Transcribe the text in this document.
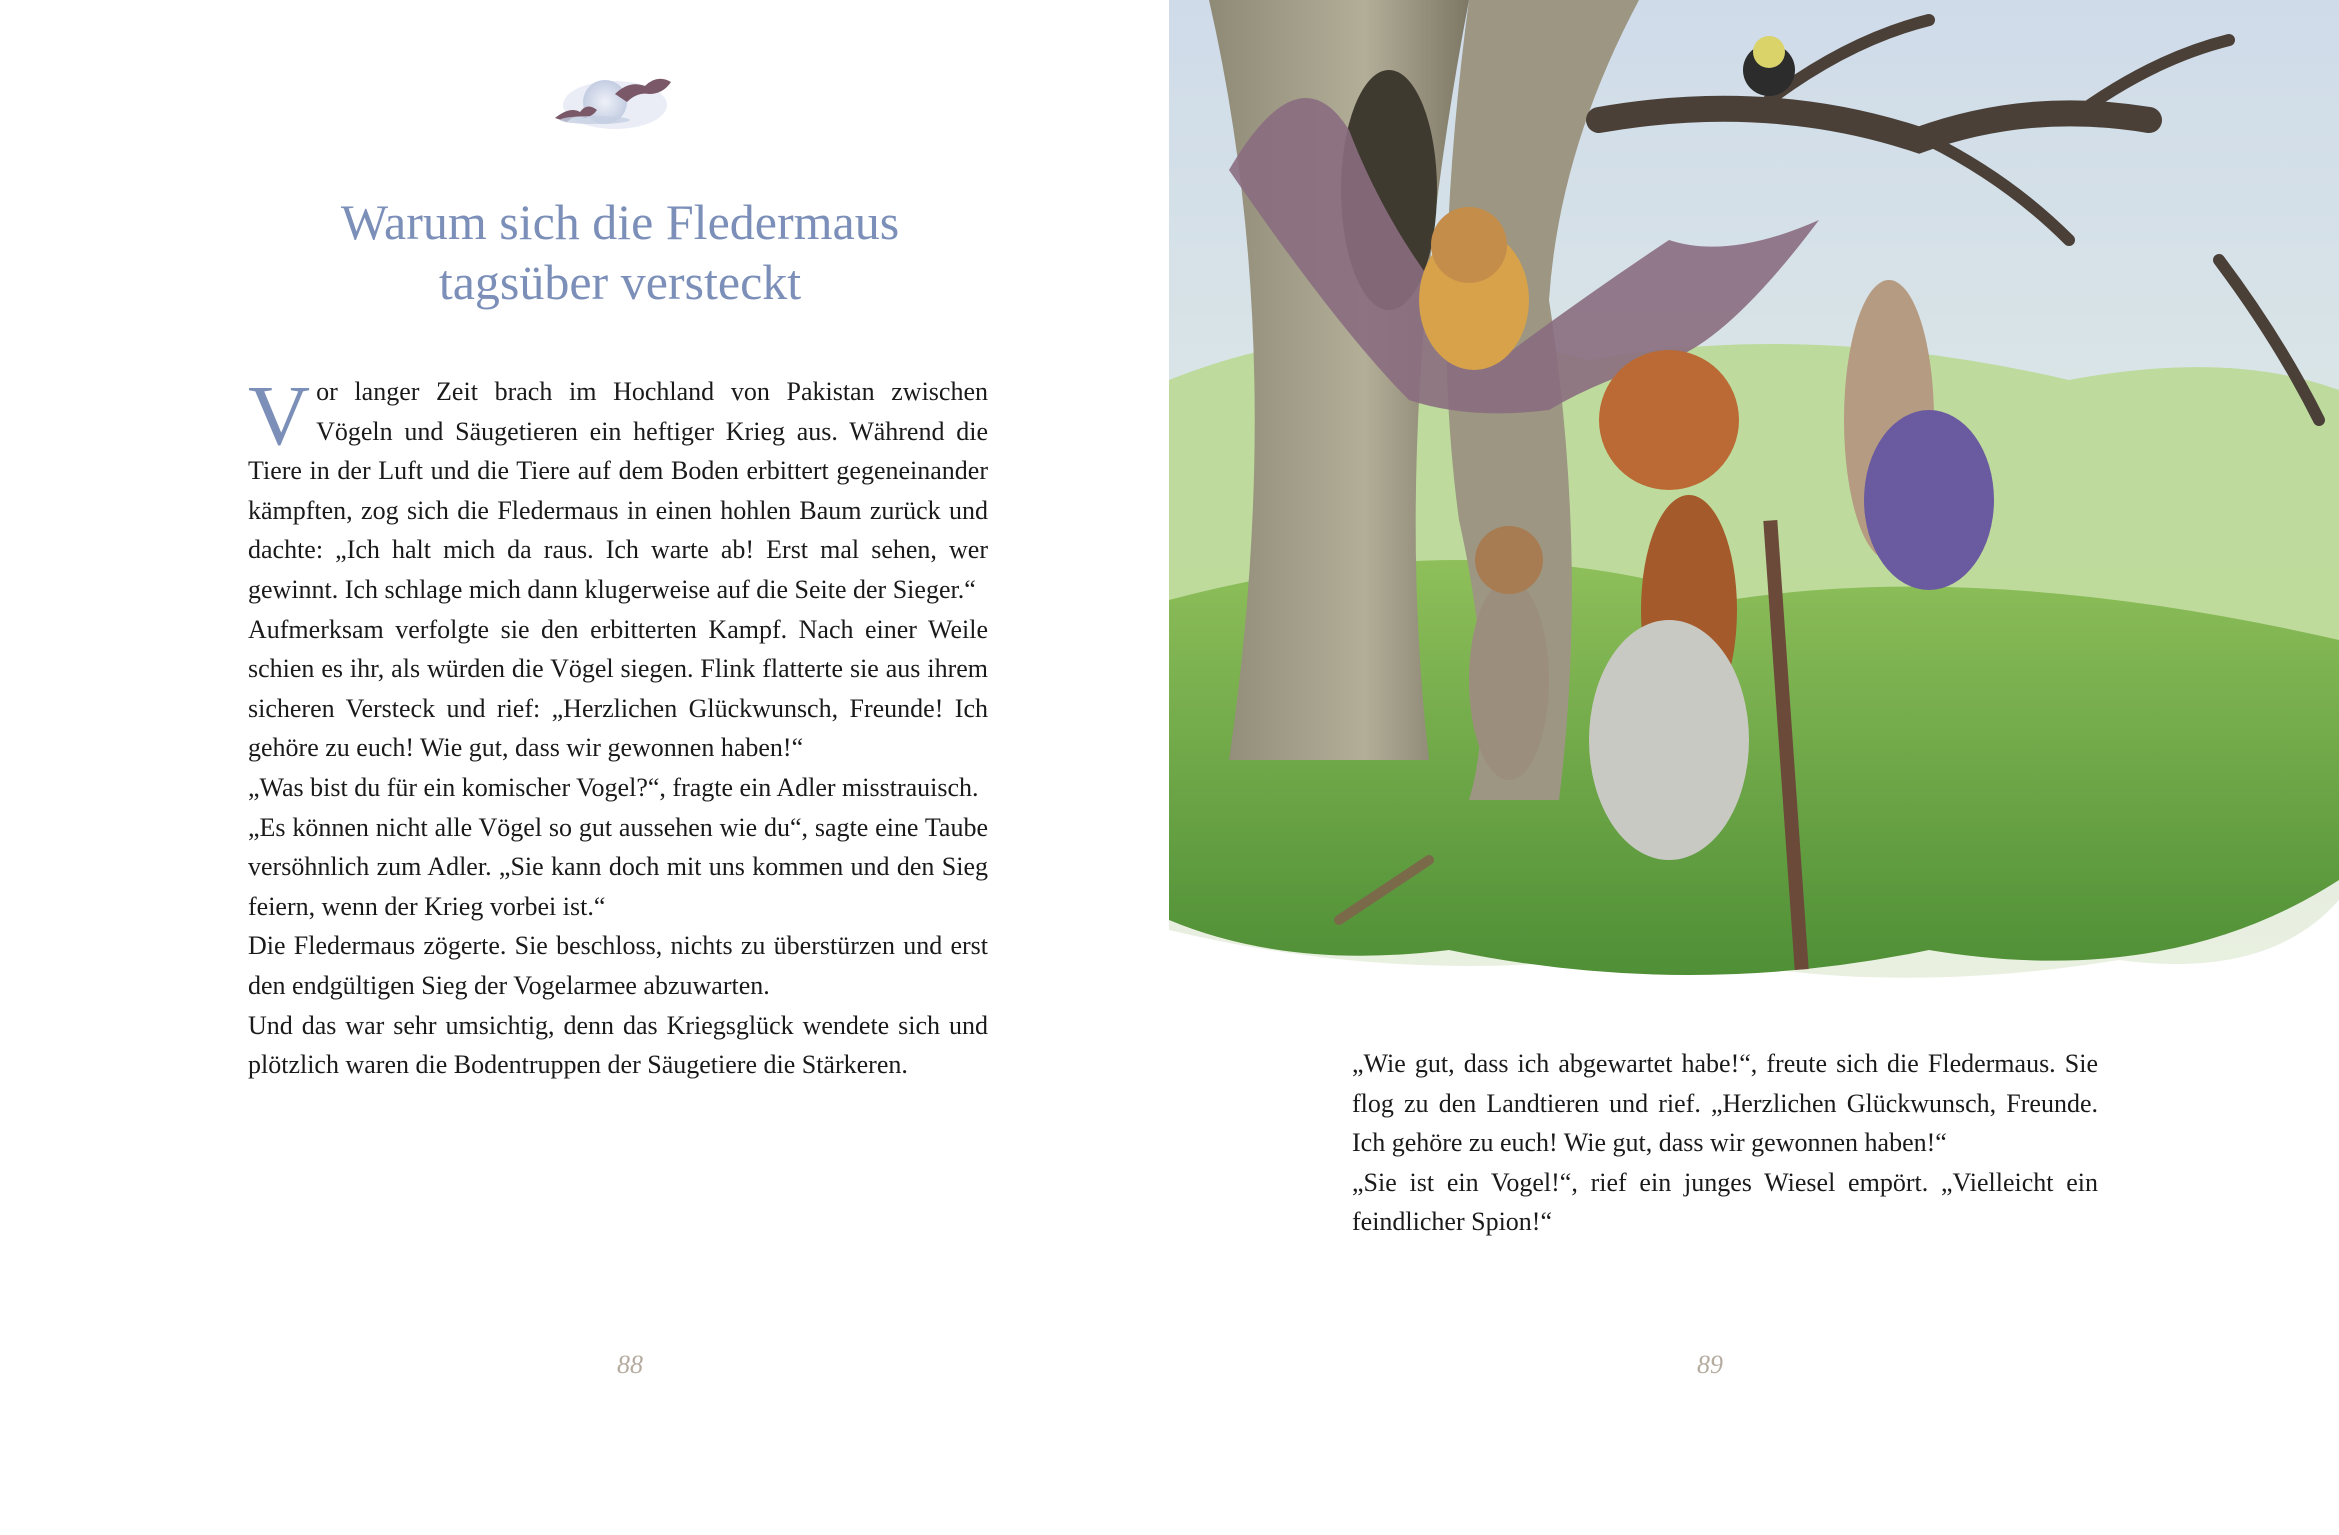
Warum sich die Fledermaus
tagsüber versteckt

Vor langer Zeit brach im Hochland von Pakistan zwischen Vögeln und Säugetieren ein heftiger Krieg aus. Während die Tiere in der Luft und die Tiere auf dem Boden erbittert gegeneinander kämpften, zog sich die Fledermaus in einen hohlen Baum zurück und dachte: „Ich halt mich da raus. Ich warte ab! Erst mal sehen, wer gewinnt. Ich schlage mich dann klugerweise auf die Seite der Sieger.“

Aufmerksam verfolgte sie den erbitterten Kampf. Nach einer Weile schien es ihr, als würden die Vögel siegen. Flink flatterte sie aus ihrem sicheren Versteck und rief: „Herzlichen Glückwunsch, Freunde! Ich gehöre zu euch! Wie gut, dass wir gewonnen haben!“

„Was bist du für ein komischer Vogel?“, fragte ein Adler misstrauisch.

„Es können nicht alle Vögel so gut aussehen wie du“, sagte eine Taube versöhnlich zum Adler. „Sie kann doch mit uns kommen und den Sieg feiern, wenn der Krieg vorbei ist.“

Die Fledermaus zögerte. Sie beschloss, nichts zu überstürzen und erst den endgültigen Sieg der Vogelarmee abzuwarten.

Und das war sehr umsichtig, denn das Kriegsglück wendete sich und plötzlich waren die Bodentruppen der Säugetiere die Stärkeren.

88

„Wie gut, dass ich abgewartet habe!“, freute sich die Fledermaus. Sie flog zu den Landtieren und rief. „Herzlichen Glückwunsch, Freunde. Ich gehöre zu euch! Wie gut, dass wir gewonnen haben!“

„Sie ist ein Vogel!“, rief ein junges Wiesel empört. „Vielleicht ein feindlicher Spion!“

89
